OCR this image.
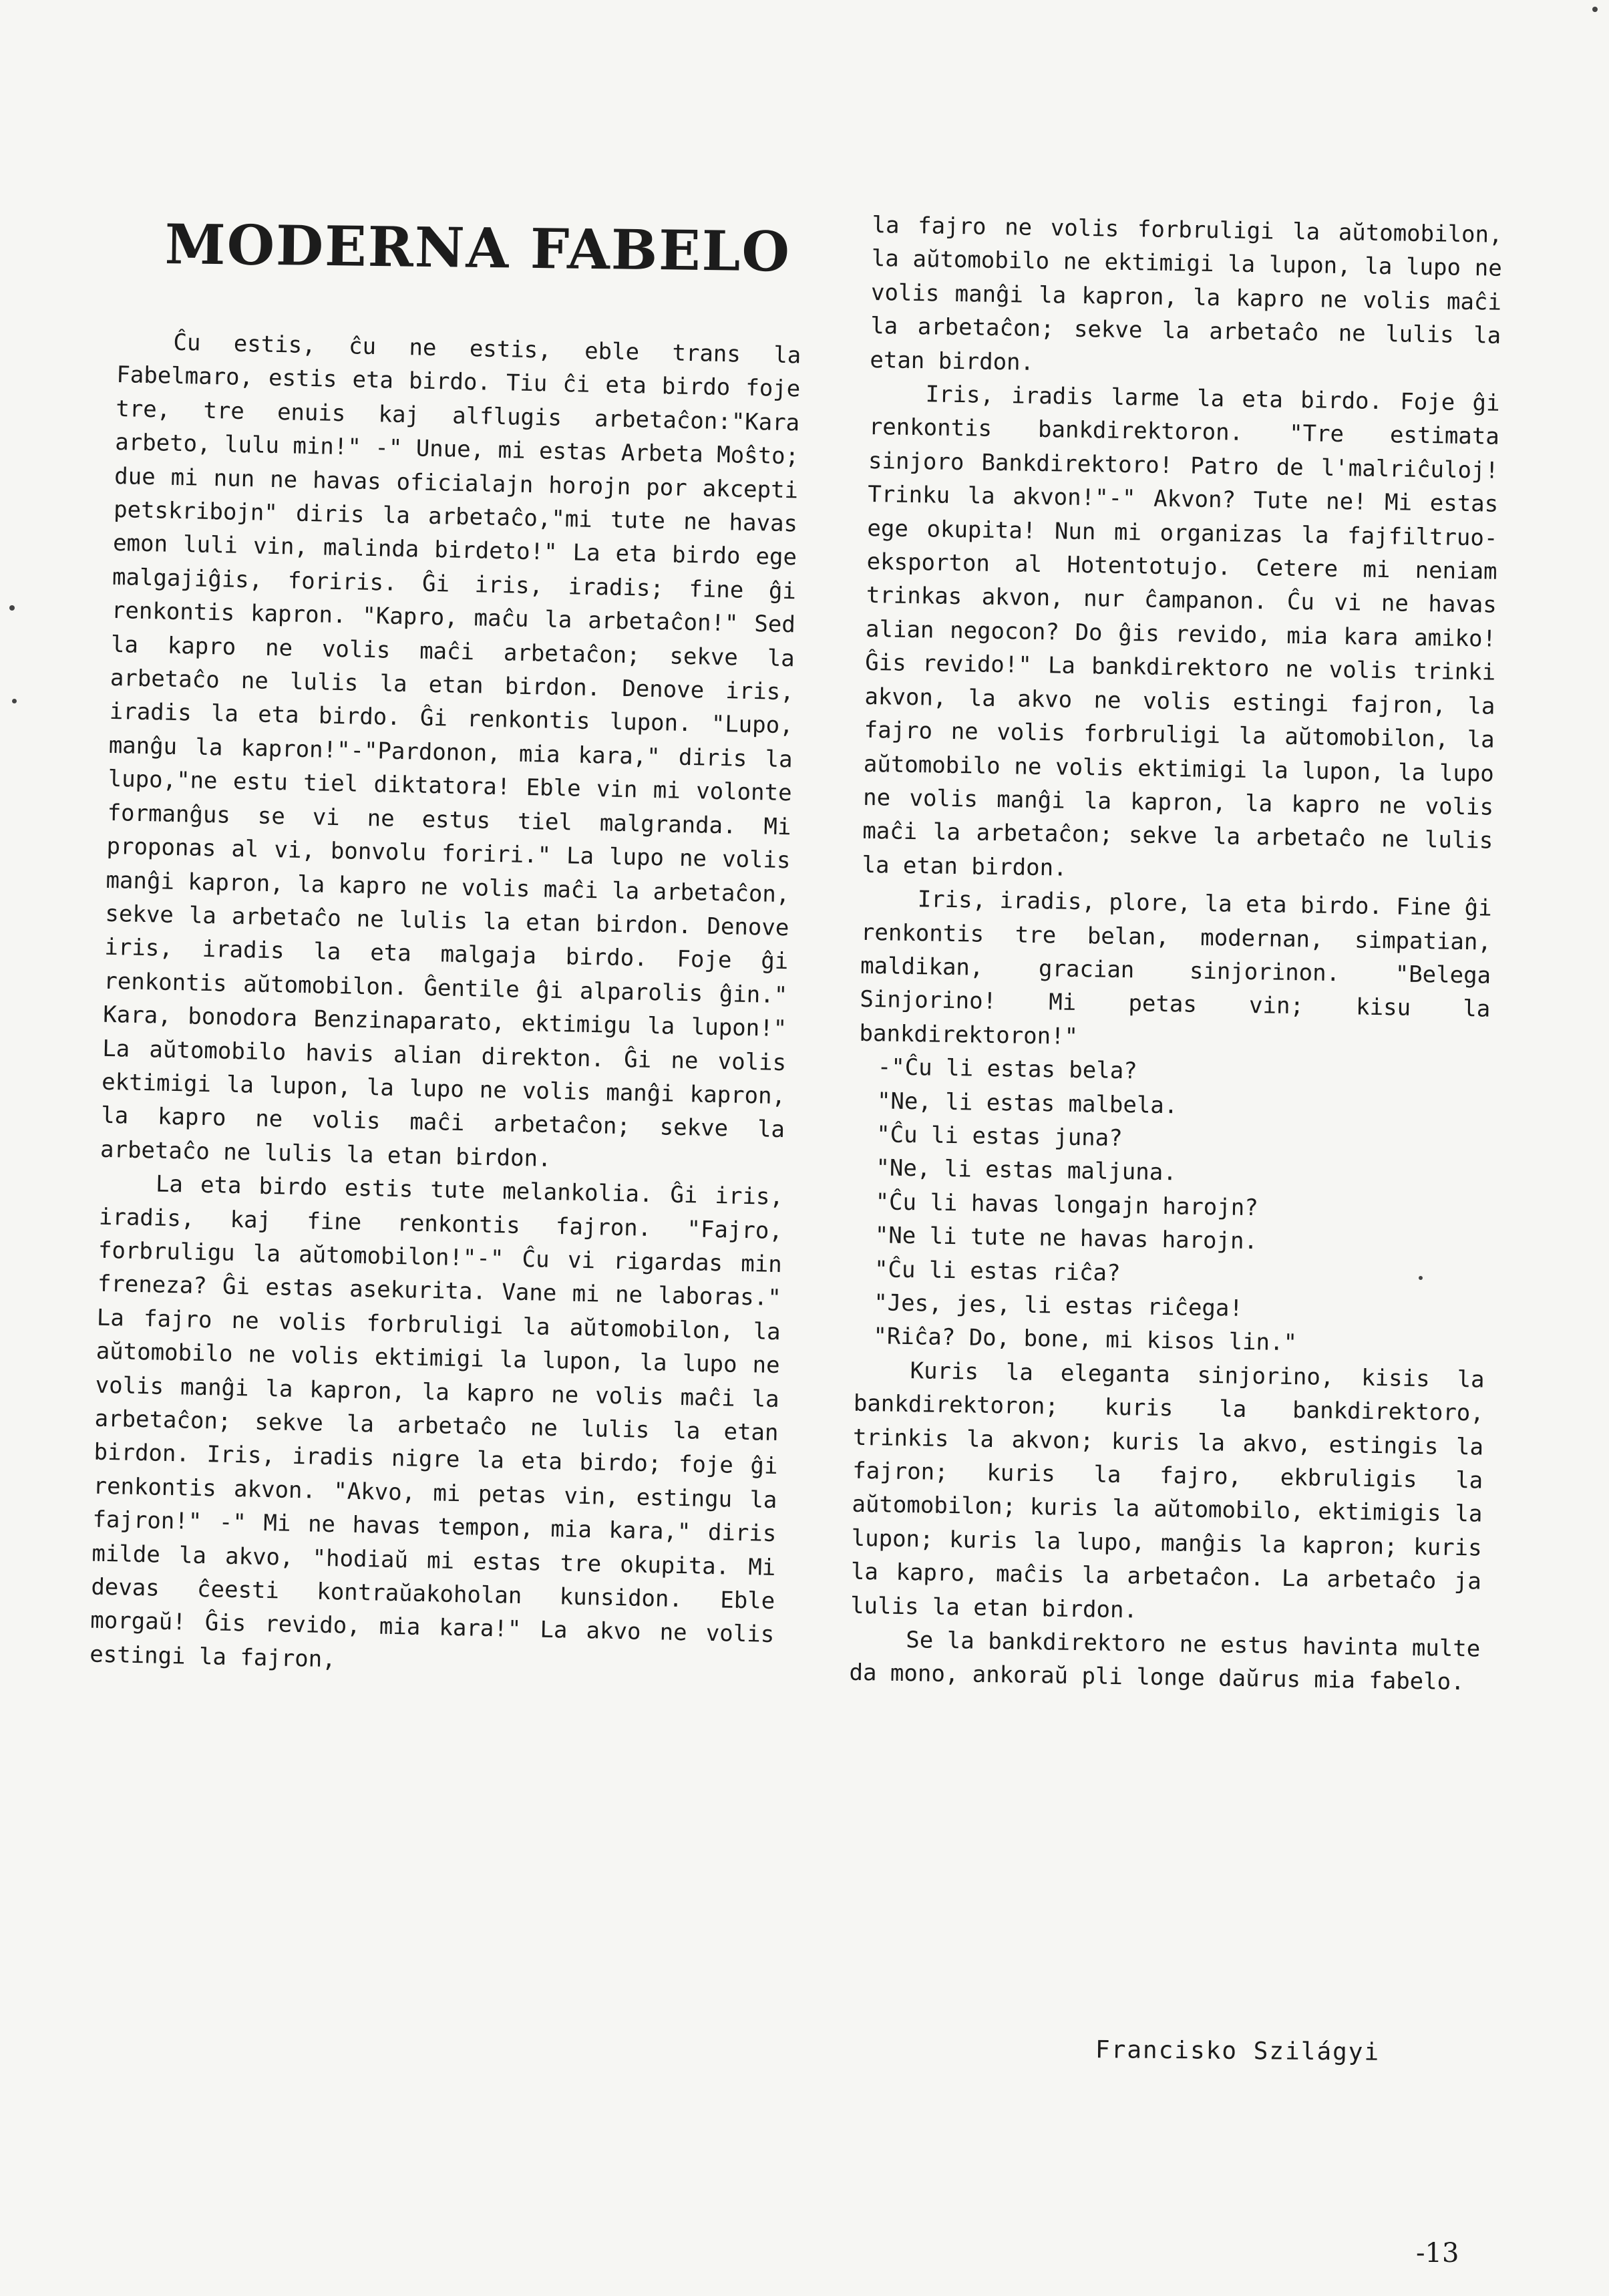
MODERNA FABELO

Ĉu estis, ĉu ne estis, eble trans la Fabelmaro, estis eta birdo. Tiu ĉi eta birdo foje tre, tre enuis kaj alflugis arbetaĉon:"Kara arbeto, lulu min!" -" Unue, mi estas Arbeta Moŝto; due mi nun ne havas oficialajn horojn por akcepti petskribojn" diris la arbetaĉo,"mi tute ne havas emon luli vin, malinda birdeto!" La eta birdo ege malgajiĝis, foriris. Ĝi iris, iradis; fine ĝi renkontis kapron. "Kapro, maĉu la arbetaĉon!" Sed la kapro ne volis maĉi arbetaĉon; sekve la arbetaĉo ne lulis la etan birdon. Denove iris, iradis la eta birdo. Ĝi renkontis lupon. "Lupo, manĝu la kapron!"-"Pardonon, mia kara," diris la lupo,"ne estu tiel diktatora! Eble vin mi volonte formanĝus se vi ne estus tiel malgranda. Mi proponas al vi, bonvolu foriri." La lupo ne volis manĝi kapron, la kapro ne volis maĉi la arbetaĉon, sekve la arbetaĉo ne lulis la etan birdon. Denove iris, iradis la eta malgaja birdo. Foje ĝi renkontis aŭtomobilon. Ĝentile ĝi alparolis ĝin." Kara, bonodora Benzinaparato, ektimigu la lupon!" La aŭtomobilo havis alian direkton. Ĝi ne volis ektimigi la lupon, la lupo ne volis manĝi kapron, la kapro ne volis maĉi arbetaĉon; sekve la arbetaĉo ne lulis la etan birdon.

La eta birdo estis tute melankolia. Ĝi iris, iradis, kaj fine renkontis fajron. "Fajro, forbruligu la aŭtomobilon!"-" Ĉu vi rigardas min freneza? Ĝi estas asekurita. Vane mi ne laboras." La fajro ne volis forbruligi la aŭtomobilon, la aŭtomobilo ne volis ektimigi la lupon, la lupo ne volis manĝi la kapron, la kapro ne volis maĉi la arbetaĉon; sekve la arbetaĉo ne lulis la etan birdon. Iris, iradis nigre la eta birdo; foje ĝi renkontis akvon. "Akvo, mi petas vin, estingu la fajron!" -" Mi ne havas tempon, mia kara," diris milde la akvo, "hodiaŭ mi estas tre okupita. Mi devas ĉeesti kontraŭakoholan kunsidon. Eble morgaŭ! Ĝis revido, mia kara!" La akvo ne volis estingi la fajron,

la fajro ne volis forbruligi la aŭtomobilon, la aŭtomobilo ne ektimigi la lupon, la lupo ne volis manĝi la kapron, la kapro ne volis maĉi la arbetaĉon; sekve la arbetaĉo ne lulis la etan birdon.

Iris, iradis larme la eta birdo. Foje ĝi renkontis bankdirektoron. "Tre estimata sinjoro Bankdirektoro! Patro de l'malriĉuloj! Trinku la akvon!"-" Akvon? Tute ne! Mi estas ege okupita! Nun mi organizas la fajfiltruo-eksporton al Hotentotujo. Cetere mi neniam trinkas akvon, nur ĉampanon. Ĉu vi ne havas alian negocon? Do ĝis revido, mia kara amiko! Ĝis revido!" La bankdirektoro ne volis trinki akvon, la akvo ne volis estingi fajron, la fajro ne volis forbruligi la aŭtomobilon, la aŭtomobilo ne volis ektimigi la lupon, la lupo ne volis manĝi la kapron, la kapro ne volis maĉi la arbetaĉon; sekve la arbetaĉo ne lulis la etan birdon.

Iris, iradis, plore, la eta birdo. Fine ĝi renkontis tre belan, modernan, simpatian, maldikan, gracian sinjorinon. "Belega Sinjorino! Mi petas vin; kisu la bankdirektoron!"

-"Ĉu li estas bela?

"Ne, li estas malbela.

"Ĉu li estas juna?

"Ne, li estas maljuna.

"Ĉu li havas longajn harojn?

"Ne li tute ne havas harojn.

"Ĉu li estas riĉa?

"Jes, jes, li estas riĉega!

"Riĉa? Do, bone, mi kisos lin."

Kuris la eleganta sinjorino, kisis la bankdirektoron; kuris la bankdirektoro, trinkis la akvon; kuris la akvo, estingis la fajron; kuris la fajro, ekbruligis la aŭtomobilon; kuris la aŭtomobilo, ektimigis la lupon; kuris la lupo, manĝis la kapron; kuris la kapro, maĉis la arbetaĉon. La arbetaĉo ja lulis la etan birdon.

Se la bankdirektoro ne estus havinta multe da mono, ankoraŭ pli longe daŭrus mia fabelo.

Francisko Szilágyi
-13
